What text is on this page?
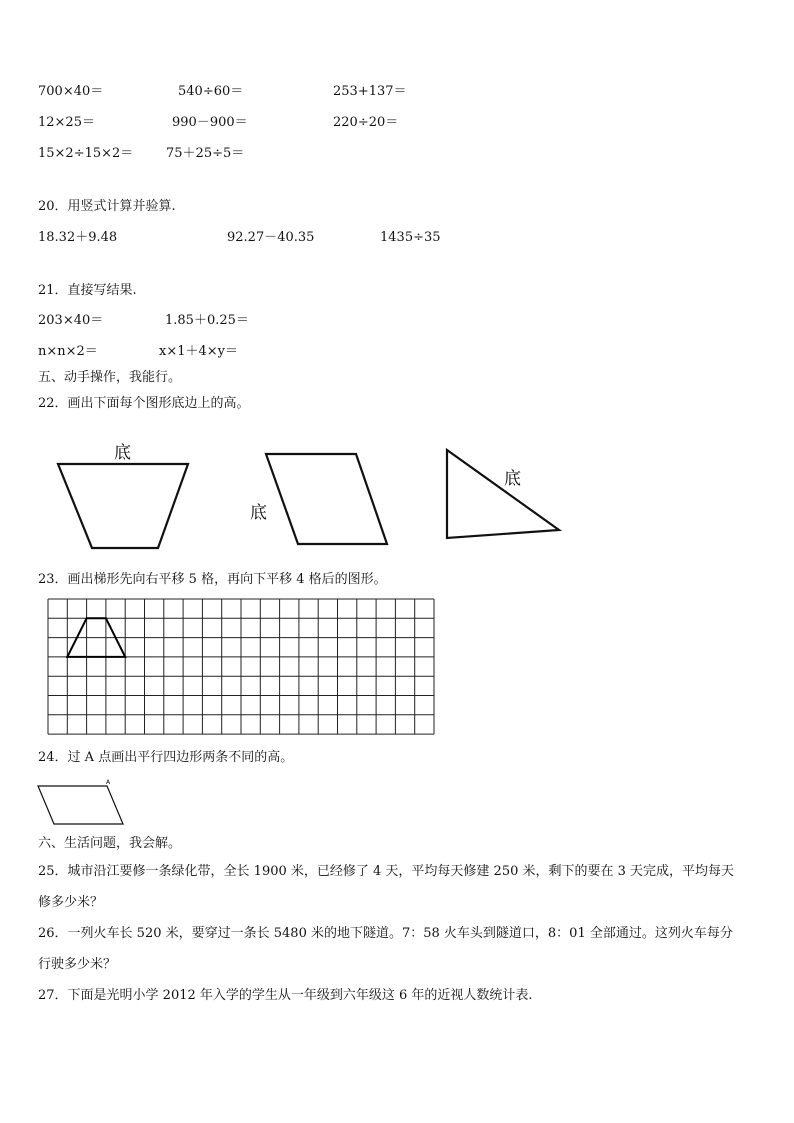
700×40＝	540÷60＝	253+137＝
12×25＝	990－900＝	220÷20＝
15×2÷15×2＝	75＋25÷5＝
20．用竖式计算并验算.
18.32＋9.48	92.27－40.35	1435÷35
21．直接写结果.
203×40＝	1.85＋0.25＝
n×n×2＝	x×1＋4×y＝
五、动手操作，我能行。
22．画出下面每个图形底边上的高。
底
底
底
23．画出梯形先向右平移 5 格，再向下平移 4 格后的图形。
24．过 A 点画出平行四边形两条不同的高。
A
六、生活问题，我会解。
25．城市沿江要修一条绿化带，全长 1900 米，已经修了 4 天，平均每天修建 250 米，剩下的要在 3 天完成，平均每天
修多少米？
26．一列火车长 520 米，要穿过一条长 5480 米的地下隧道。7：58 火车头到隧道口，8：01 全部通过。这列火车每分
行驶多少米？
27．下面是光明小学 2012 年入学的学生从一年级到六年级这 6 年的近视人数统计表.
